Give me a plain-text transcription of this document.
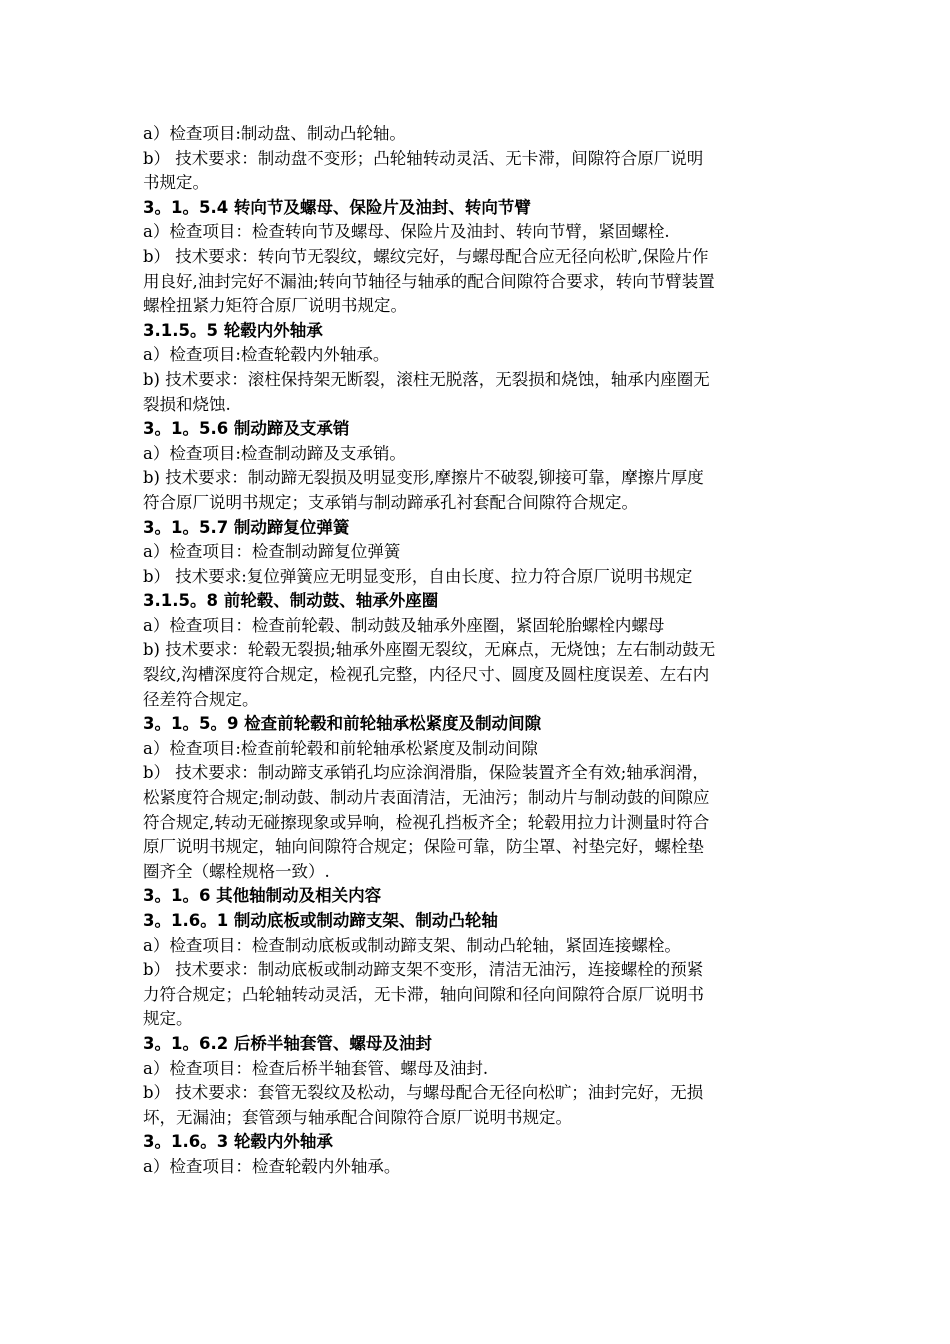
a）检查项目:制动盘、制动凸轮轴。
b） 技术要求：制动盘不变形；凸轮轴转动灵活、无卡滞，间隙符合原厂说明
书规定。
3。1。5.4 转向节及螺母、保险片及油封、转向节臂
a）检查项目：检查转向节及螺母、保险片及油封、转向节臂，紧固螺栓.
b） 技术要求：转向节无裂纹，螺纹完好，与螺母配合应无径向松旷,保险片作
用良好,油封完好不漏油;转向节轴径与轴承的配合间隙符合要求，转向节臂装置
螺栓扭紧力矩符合原厂说明书规定。
3.1.5。5 轮毂内外轴承
a）检查项目:检查轮毂内外轴承。
b) 技术要求：滚柱保持架无断裂，滚柱无脱落，无裂损和烧蚀，轴承内座圈无
裂损和烧蚀.
3。1。5.6 制动蹄及支承销
a）检查项目:检查制动蹄及支承销。
b) 技术要求：制动蹄无裂损及明显变形,摩擦片不破裂,铆接可靠，摩擦片厚度
符合原厂说明书规定；支承销与制动蹄承孔衬套配合间隙符合规定。
3。1。5.7 制动蹄复位弹簧
a）检查项目：检查制动蹄复位弹簧
b） 技术要求:复位弹簧应无明显变形，自由长度、拉力符合原厂说明书规定
3.1.5。8 前轮毂、制动鼓、轴承外座圈
a）检查项目：检查前轮毂、制动鼓及轴承外座圈，紧固轮胎螺栓内螺母
b) 技术要求：轮毂无裂损;轴承外座圈无裂纹，无麻点，无烧蚀；左右制动鼓无
裂纹,沟槽深度符合规定，检视孔完整，内径尺寸、圆度及圆柱度误差、左右内
径差符合规定。
3。1。5。9 检查前轮毂和前轮轴承松紧度及制动间隙
a）检查项目:检查前轮毂和前轮轴承松紧度及制动间隙
b） 技术要求：制动蹄支承销孔均应涂润滑脂，保险装置齐全有效;轴承润滑，
松紧度符合规定;制动鼓、制动片表面清洁，无油污；制动片与制动鼓的间隙应
符合规定,转动无碰擦现象或异响，检视孔挡板齐全；轮毂用拉力计测量时符合
原厂说明书规定，轴向间隙符合规定；保险可靠，防尘罩、衬垫完好，螺栓垫
圈齐全（螺栓规格一致）.
3。1。6 其他轴制动及相关内容
3。1.6。1 制动底板或制动蹄支架、制动凸轮轴
a）检查项目：检查制动底板或制动蹄支架、制动凸轮轴，紧固连接螺栓。
b） 技术要求：制动底板或制动蹄支架不变形，清洁无油污，连接螺栓的预紧
力符合规定；凸轮轴转动灵活，无卡滞，轴向间隙和径向间隙符合原厂说明书
规定。
3。1。6.2 后桥半轴套管、螺母及油封
a）检查项目：检查后桥半轴套管、螺母及油封.
b） 技术要求：套管无裂纹及松动，与螺母配合无径向松旷；油封完好，无损
坏，无漏油；套管颈与轴承配合间隙符合原厂说明书规定。
3。1.6。3 轮毂内外轴承
a）检查项目：检查轮毂内外轴承。
